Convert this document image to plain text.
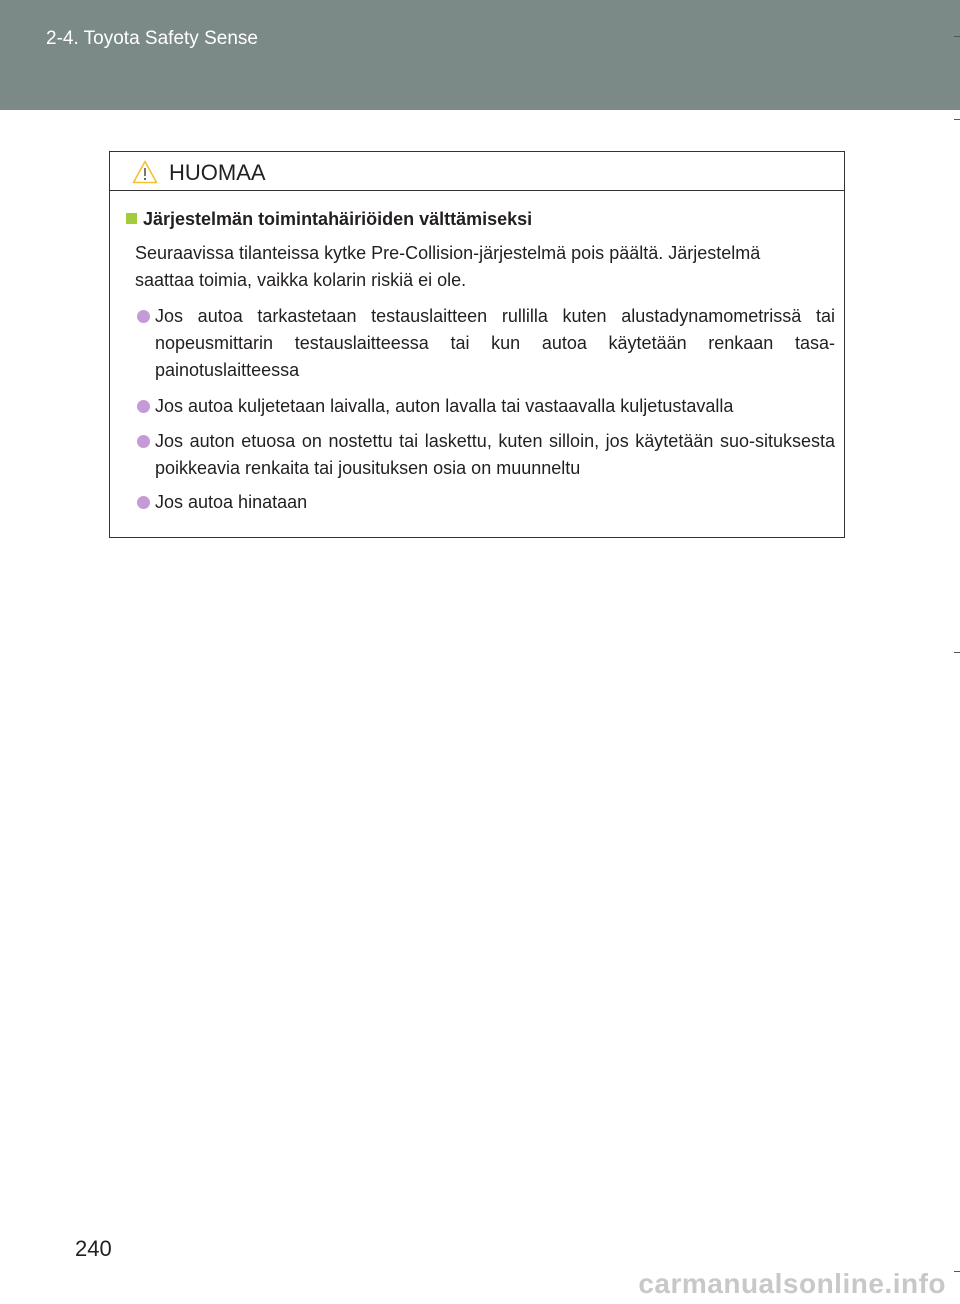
2-4. Toyota Safety Sense
HUOMAA
Järjestelmän toimintahäiriöiden välttämiseksi
Seuraavissa tilanteissa kytke Pre-Collision-järjestelmä pois päältä. Järjestelmä
saattaa toimia, vaikka kolarin riskiä ei ole.
Jos autoa tarkastetaan testauslaitteen rullilla kuten alustadynamometrissä tai nopeusmittarin testauslaitteessa tai kun autoa käytetään renkaan tasa-painotuslaitteessa
Jos autoa kuljetetaan laivalla, auton lavalla tai vastaavalla kuljetustavalla
Jos auton etuosa on nostettu tai laskettu, kuten silloin, jos käytetään suo-situksesta poikkeavia renkaita tai jousituksen osia on muunneltu
Jos autoa hinataan
240
carmanualsonline.info
